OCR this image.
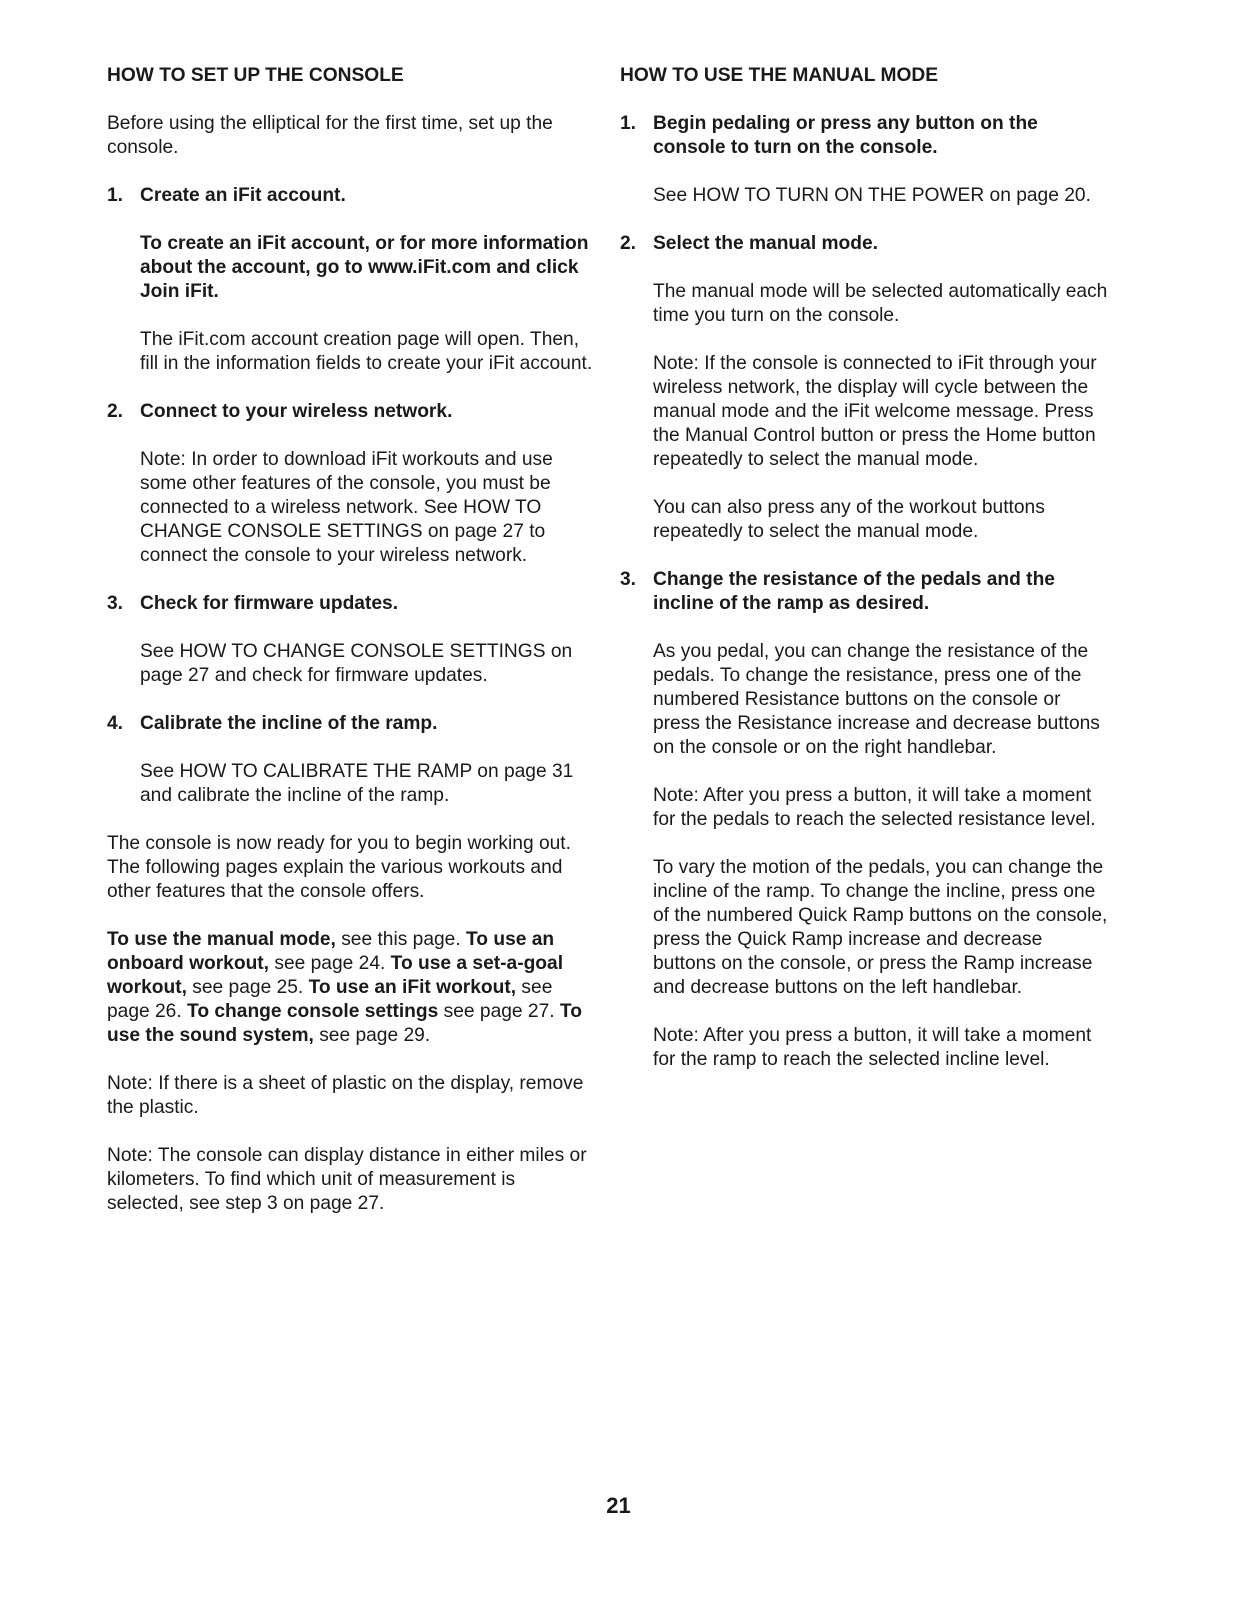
HOW TO SET UP THE CONSOLE

Before using the elliptical for the first time, set up the console.

1. Create an iFit account.
To create an iFit account, or for more information about the account, go to www.iFit.com and click Join iFit.
The iFit.com account creation page will open. Then, fill in the information fields to create your iFit account.
2. Connect to your wireless network.
Note: In order to download iFit workouts and use some other features of the console, you must be connected to a wireless network. See HOW TO CHANGE CONSOLE SETTINGS on page 27 to connect the console to your wireless network.
3. Check for firmware updates.
See HOW TO CHANGE CONSOLE SETTINGS on page 27 and check for firmware updates.
4. Calibrate the incline of the ramp.
See HOW TO CALIBRATE THE RAMP on page 31 and calibrate the incline of the ramp.

The console is now ready for you to begin working out. The following pages explain the various workouts and other features that the console offers.

To use the manual mode, see this page. To use an onboard workout, see page 24. To use a set-a-goal workout, see page 25. To use an iFit workout, see page 26. To change console settings see page 27. To use the sound system, see page 29.

Note: If there is a sheet of plastic on the display, remove the plastic.

Note: The console can display distance in either miles or kilometers. To find which unit of measurement is selected, see step 3 on page 27.

HOW TO USE THE MANUAL MODE
1. Begin pedaling or press any button on the console to turn on the console.
See HOW TO TURN ON THE POWER on page 20.
2. Select the manual mode.
The manual mode will be selected automatically each time you turn on the console.
Note: If the console is connected to iFit through your wireless network, the display will cycle between the manual mode and the iFit welcome message. Press the Manual Control button or press the Home button repeatedly to select the manual mode.
You can also press any of the workout buttons repeatedly to select the manual mode.
3. Change the resistance of the pedals and the incline of the ramp as desired.
As you pedal, you can change the resistance of the pedals. To change the resistance, press one of the numbered Resistance buttons on the console or press the Resistance increase and decrease buttons on the console or on the right handlebar.
Note: After you press a button, it will take a moment for the pedals to reach the selected resistance level.
To vary the motion of the pedals, you can change the incline of the ramp. To change the incline, press one of the numbered Quick Ramp buttons on the console, press the Quick Ramp increase and decrease buttons on the console, or press the Ramp increase and decrease buttons on the left handlebar.
Note: After you press a button, it will take a moment for the ramp to reach the selected incline level.
21
